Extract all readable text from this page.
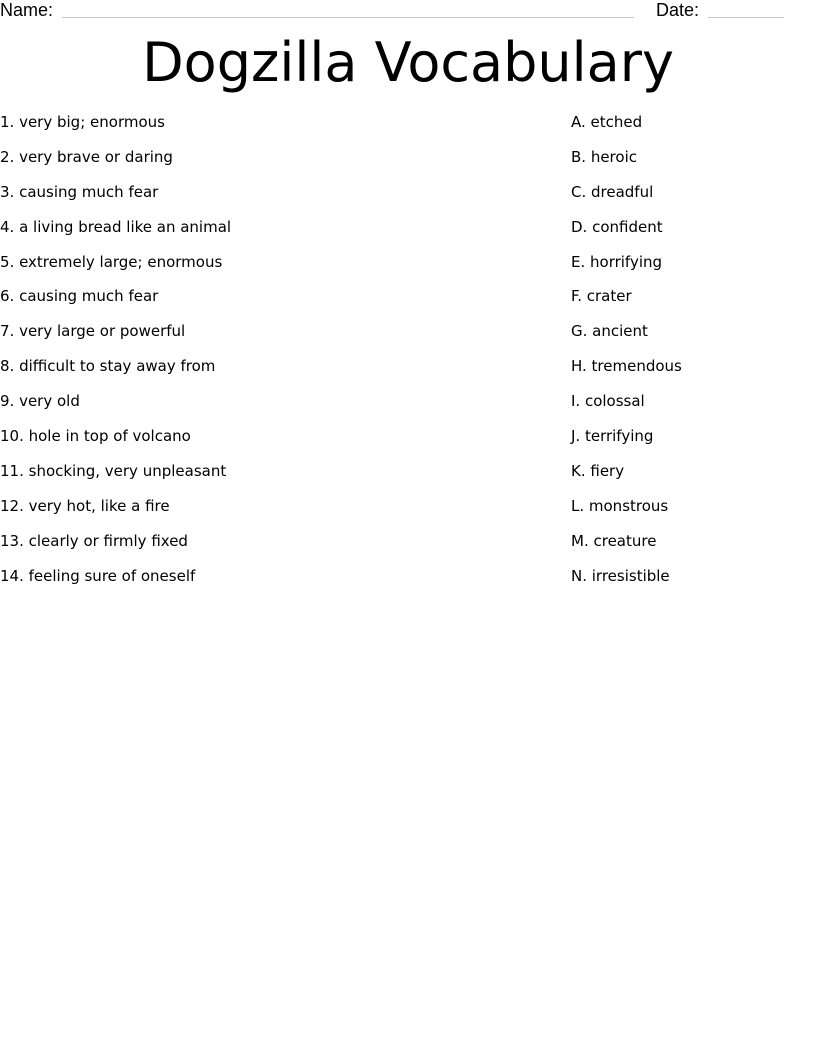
Name:	Date:
Dogzilla Vocabulary
1. very big; enormous
2. very brave or daring
3. causing much fear
4. a living bread like an animal
5. extremely large; enormous
6. causing much fear
7. very large or powerful
8. difficult to stay away from
9. very old
10. hole in top of volcano
11. shocking, very unpleasant
12. very hot, like a fire
13. clearly or firmly fixed
14. feeling sure of oneself
A. etched
B. heroic
C. dreadful
D. confident
E. horrifying
F. crater
G. ancient
H. tremendous
I. colossal
J. terrifying
K. fiery
L. monstrous
M. creature
N. irresistible
